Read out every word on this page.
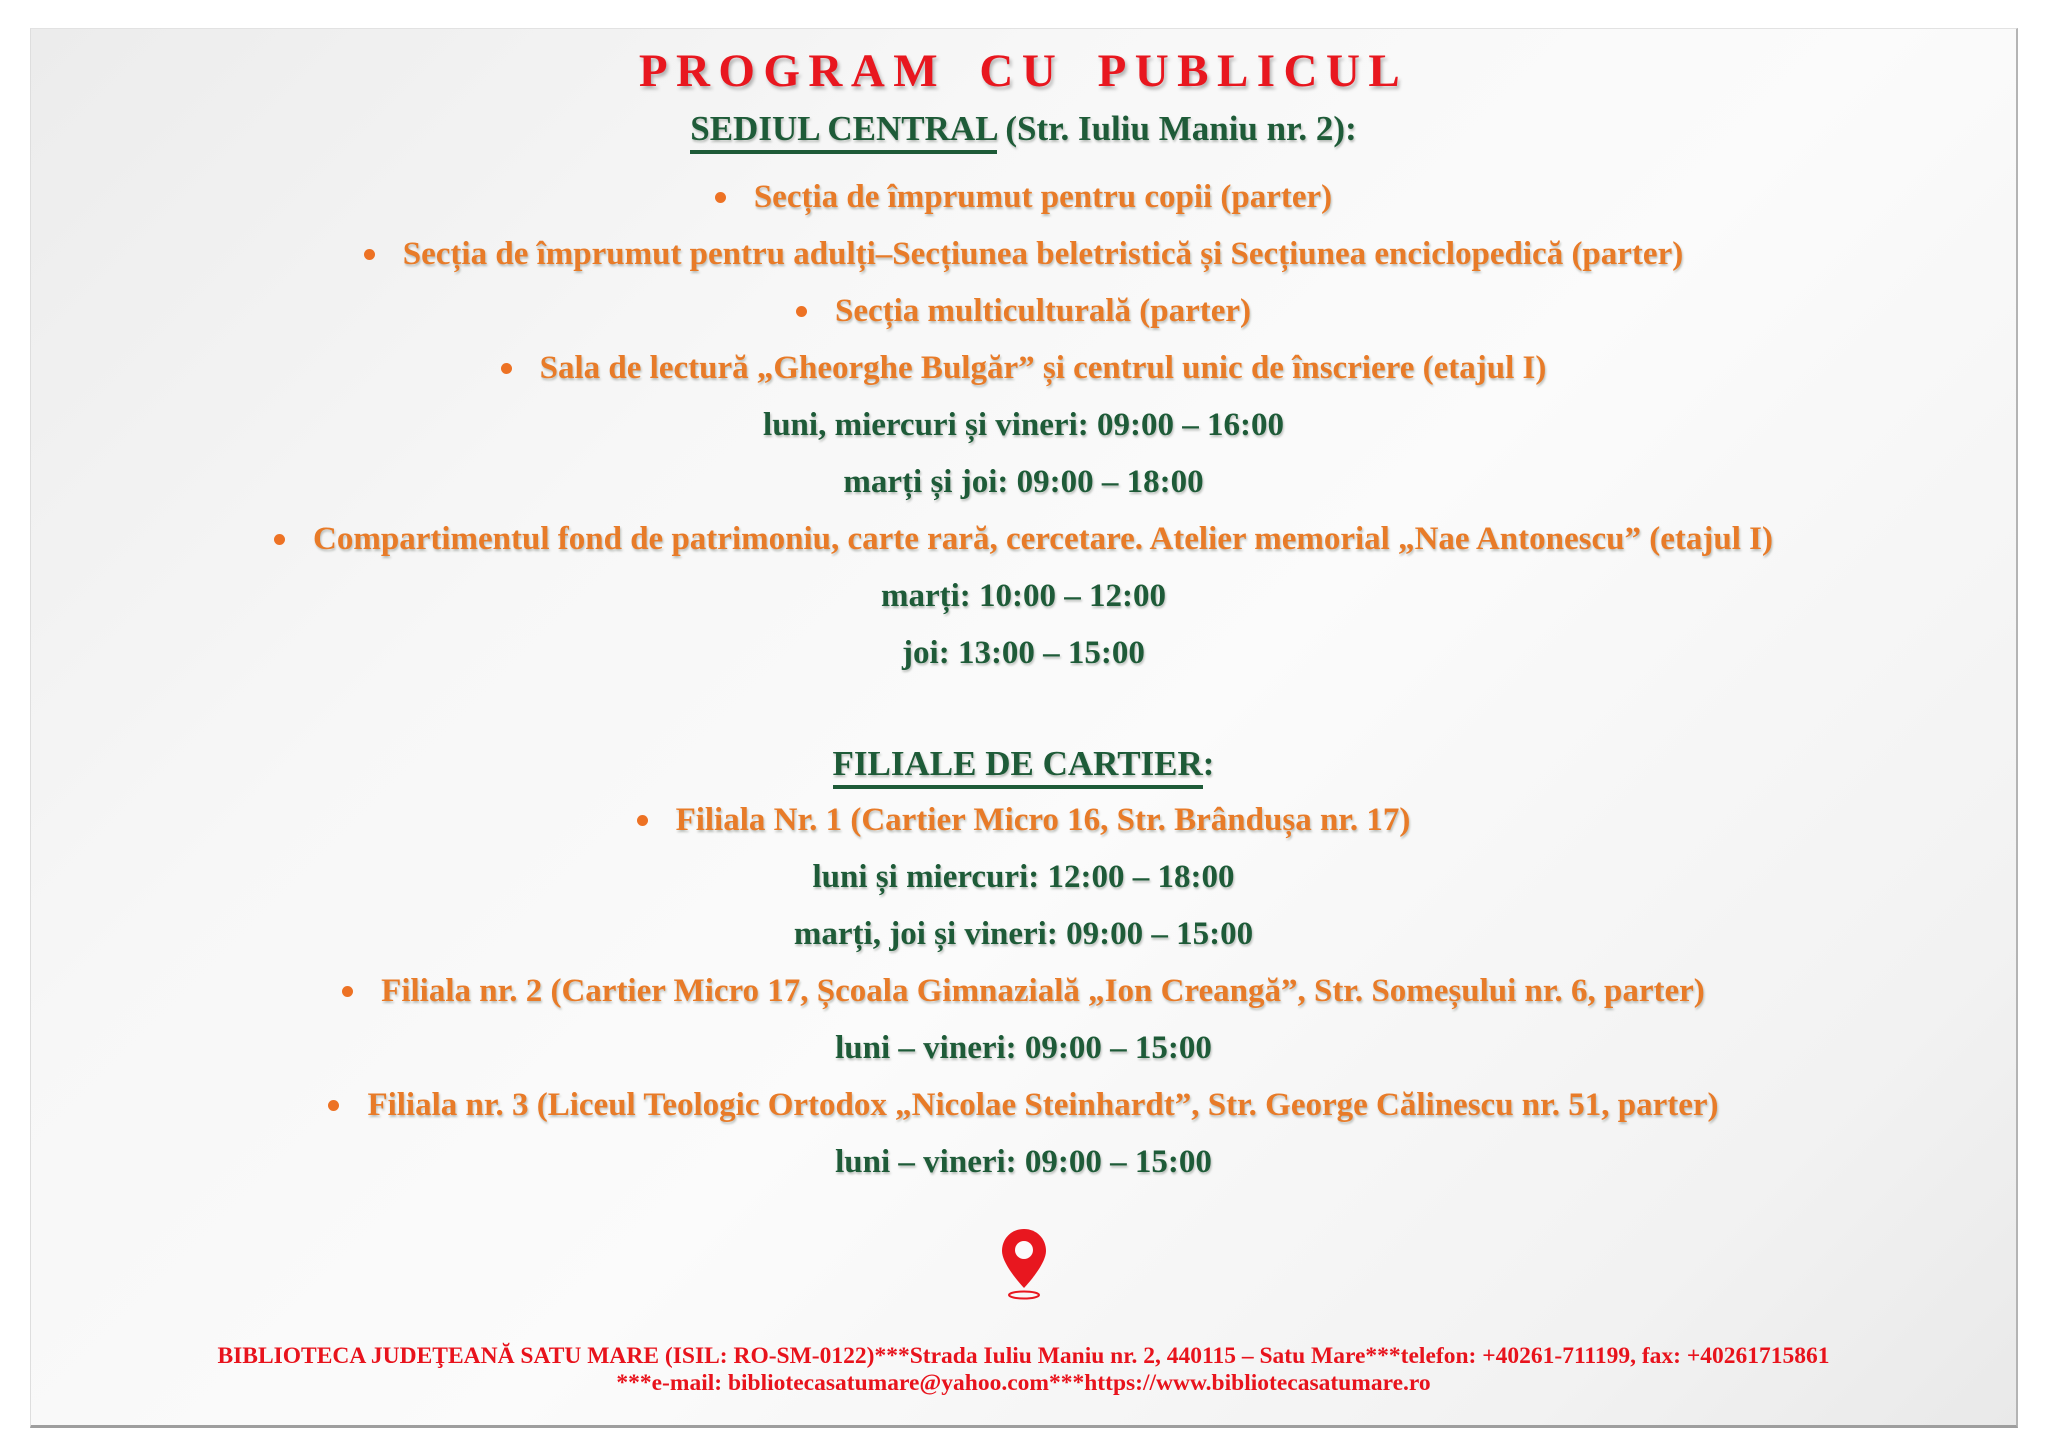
PROGRAM CU PUBLICUL
SEDIUL CENTRAL (Str. Iuliu Maniu nr. 2):
Secția de împrumut pentru copii (parter)
Secția de împrumut pentru adulți–Secțiunea beletristică și Secțiunea enciclopedică (parter)
Secția multiculturală (parter)
Sala de lectură „Gheorghe Bulgăr” și centrul unic de înscriere (etajul I)
luni, miercuri și vineri: 09:00 – 16:00
marți și joi: 09:00 – 18:00
Compartimentul fond de patrimoniu, carte rară, cercetare. Atelier memorial „Nae Antonescu” (etajul I)
marți: 10:00 – 12:00
joi: 13:00 – 15:00
FILIALE DE CARTIER:
Filiala Nr. 1 (Cartier Micro 16, Str. Brândușa nr. 17)
luni și miercuri: 12:00 – 18:00
marți, joi și vineri: 09:00 – 15:00
Filiala nr. 2 (Cartier Micro 17, Școala Gimnazială „Ion Creangă”, Str. Someșului nr. 6, parter)
luni – vineri: 09:00 – 15:00
Filiala nr. 3 (Liceul Teologic Ortodox „Nicolae Steinhardt”, Str. George Călinescu nr. 51, parter)
luni – vineri: 09:00 – 15:00
BIBLIOTECA JUDEŢEANĂ SATU MARE (ISIL: RO-SM-0122)***Strada Iuliu Maniu nr. 2, 440115 – Satu Mare***telefon: +40261-711199, fax: +40261715861
***e-mail: bibliotecasatumare@yahoo.com***https://www.bibliotecasatumare.ro
